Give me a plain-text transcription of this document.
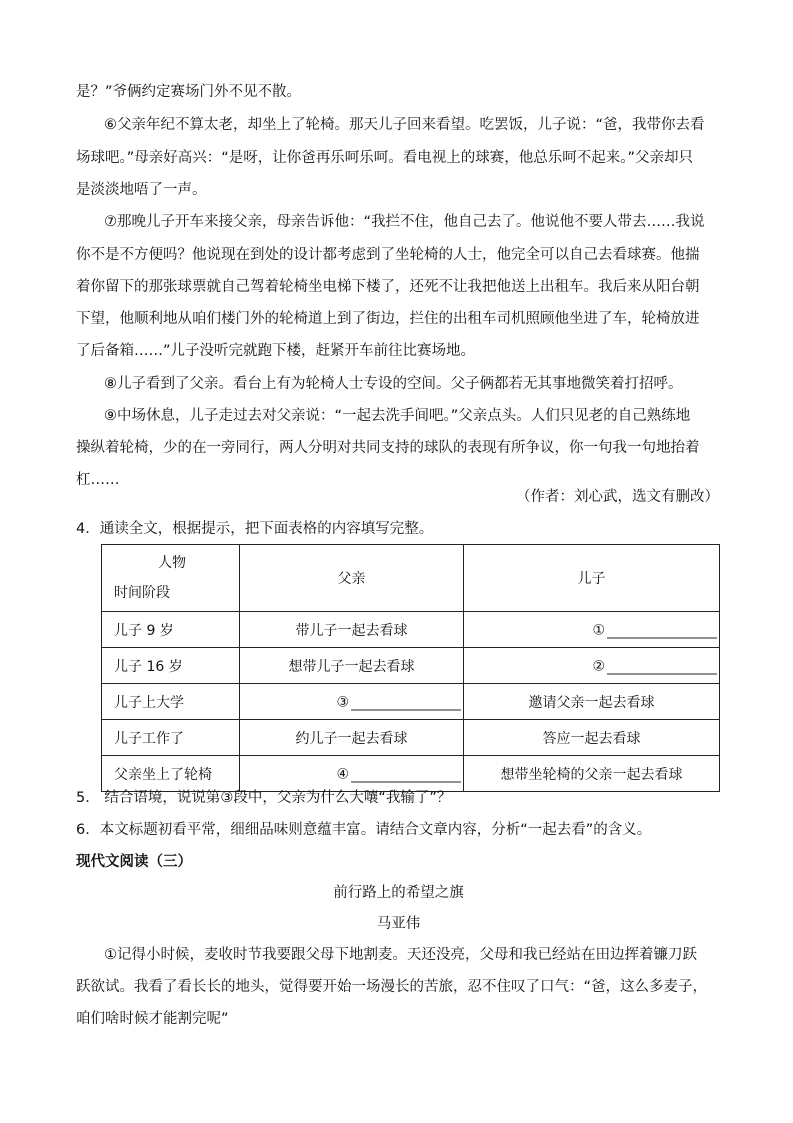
是？”爷俩约定赛场门外不见不散。
⑥父亲年纪不算太老，却坐上了轮椅。那天儿子回来看望。吃罢饭，儿子说：“爸，我带你去看
场球吧。”母亲好高兴：“是呀，让你爸再乐呵乐呵。看电视上的球赛，他总乐呵不起来。”父亲却只
是淡淡地唔了一声。
⑦那晚儿子开车来接父亲，母亲告诉他：“我拦不住，他自己去了。他说他不要人带去……我说
你不是不方便吗？他说现在到处的设计都考虑到了坐轮椅的人士，他完全可以自己去看球赛。他揣
着你留下的那张球票就自己驾着轮椅坐电梯下楼了，还死不让我把他送上出租车。我后来从阳台朝
下望，他顺利地从咱们楼门外的轮椅道上到了街边，拦住的出租车司机照顾他坐进了车，轮椅放进
了后备箱……”儿子没听完就跑下楼，赶紧开车前往比赛场地。
⑧儿子看到了父亲。看台上有为轮椅人士专设的空间。父子俩都若无其事地微笑着打招呼。
⑨中场休息，儿子走过去对父亲说：“一起去洗手间吧。”父亲点头。人们只见老的自己熟练地
操纵着轮椅，少的在一旁同行，两人分明对共同支持的球队的表现有所争议，你一句我一句地抬着
杠……
（作者：刘心武，选文有删改）
4．通读全文，根据提示，把下面表格的内容填写完整。
人物
时间阶段	父亲	儿子
儿子 9 岁	带儿子一起去看球	①

儿子 16 岁	想带儿子一起去看球	②

儿子上大学	③	邀请父亲一起去看球
儿子工作了	约儿子一起去看球	答应一起去看球
父亲坐上了轮椅	④	想带坐轮椅的父亲一起去看球
5． 结合语境，说说第③段中，父亲为什么大嚷“我输了”？
6．本文标题初看平常，细细品味则意蕴丰富。请结合文章内容，分析“一起去看”的含义。
现代文阅读（三）
前行路上的希望之旗
马亚伟
①记得小时候，麦收时节我要跟父母下地割麦。天还没亮，父母和我已经站在田边挥着镰刀跃
跃欲试。我看了看长长的地头，觉得要开始一场漫长的苦旅，忍不住叹了口气：“爸，这么多麦子，
咱们啥时候才能割完呢”
